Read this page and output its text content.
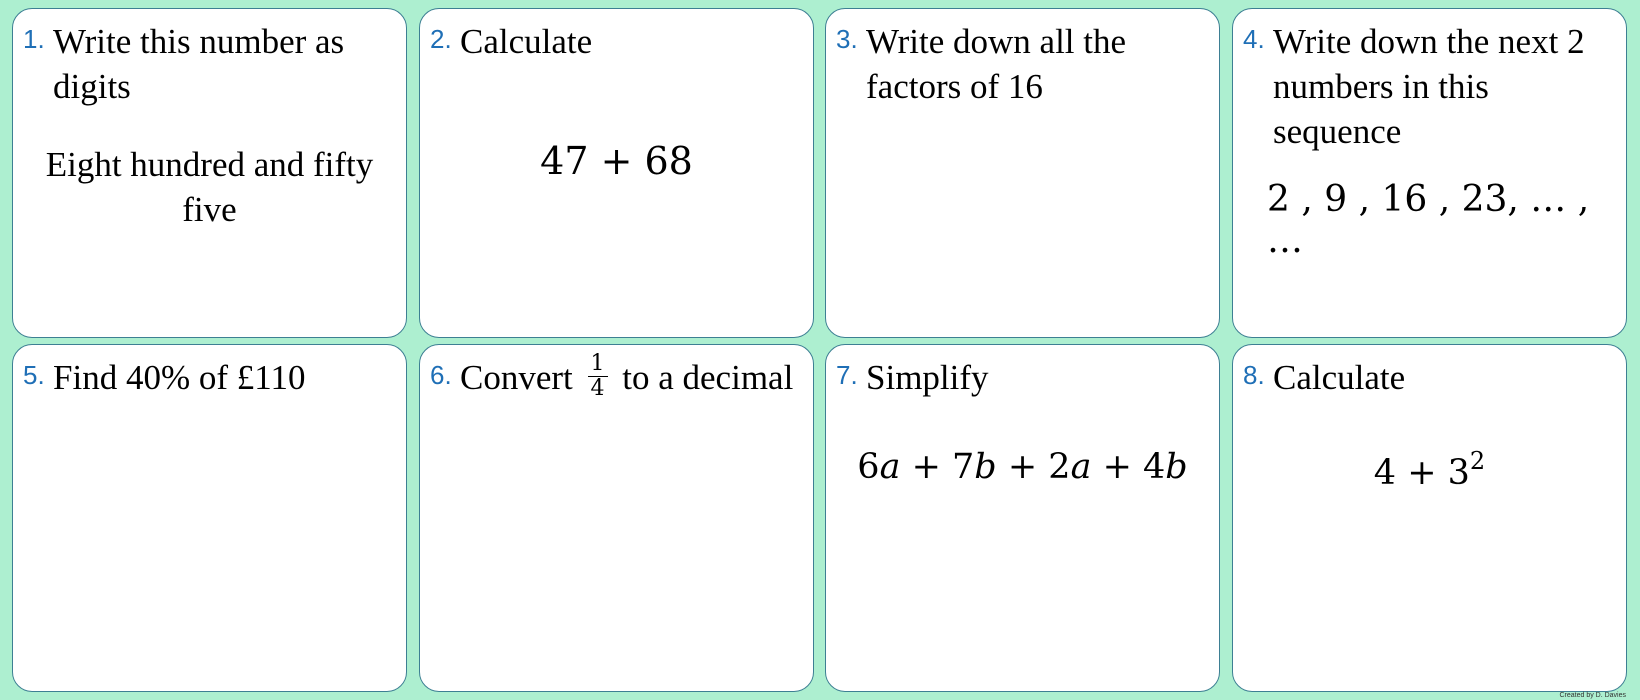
1. Write this number as digits
Eight hundred and fifty five
2. Calculate
47 + 68
3. Write down all the factors of 16
4. Write down the next 2 numbers in this sequence
2 , 9 , 16 , 23, … , …
5. Find 40% of £110	6. Convert $\frac{1}{4}$ to a decimal	7. Simplify
6a + 7b + 2a + 4b
8. Calculate
$4 + 3^2$
Created by D. Davies
